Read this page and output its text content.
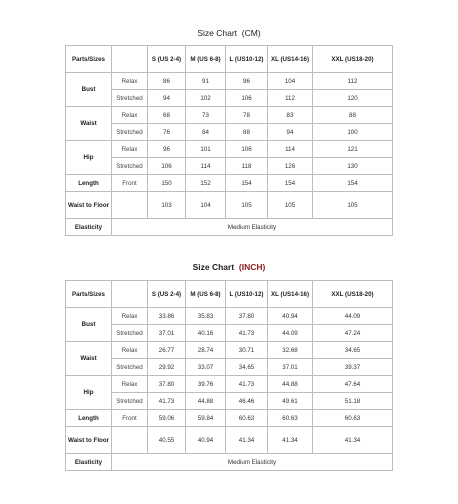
Size Chart (CM)
Parts/Sizes		S (US 2-4)	M (US 6-8)	L (US10-12)	XL (US14-16)	XXL (US18-20)
Bust	Relax	86	91	96	104	112
	Stretched	94	102	106	112	120
Waist	Relax	68	73	78	83	88
	Stretched	76	84	88	94	100
Hip	Relax	96	101	106	114	121
	Stretched	106	114	118	126	130
Length	Front	150	152	154	154	154
Waist to Floor		103	104	105	105	105
Elasticity	Medium Elasticity					
Size Chart (INCH)
Parts/Sizes		S (US 2-4)	M (US 6-8)	L (US10-12)	XL (US14-16)	XXL (US18-20)
Bust	Relax	33.86	35.83	37.80	40.94	44.09
	Stretched	37.01	40.16	41.73	44.09	47.24
Waist	Relax	26.77	28.74	30.71	32.68	34.65
	Stretched	29.92	33.07	34.65	37.01	39.37
Hip	Relax	37.80	39.76	41.73	44.88	47.64
	Stretched	41.73	44.88	46.46	49.61	51.18
Length	Front	59.06	59.84	60.63	60.63	60.63
Waist to Floor		40.55	40.94	41.34	41.34	41.34
Elasticity	Medium Elasticity					
